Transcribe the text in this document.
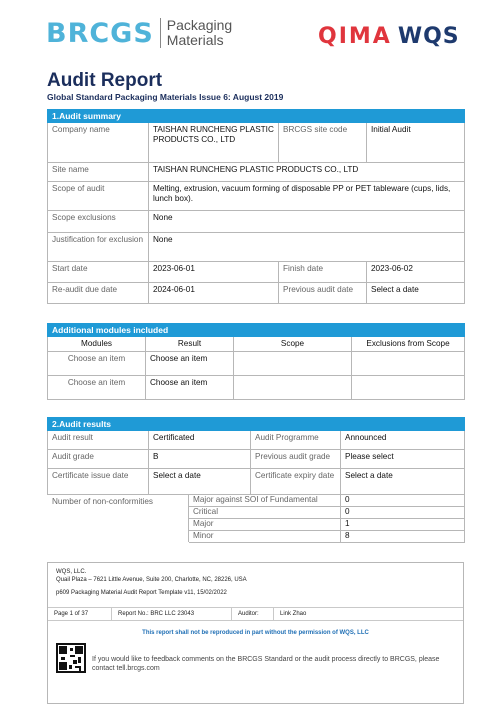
BRCGS Packaging
Materials	QIMA WQS
Audit Report
Global Standard Packaging Materials Issue 6: August 2019
1.Audit summary			
Company name	TAISHAN RUNCHENG PLASTIC PRODUCTS CO., LTD	BRCGS site code	Initial Audit
Site name	TAISHAN RUNCHENG PLASTIC PRODUCTS CO., LTD		
Scope of audit	Melting, extrusion, vacuum forming of disposable PP or PET tableware (cups, lids, lunch box).		
Scope exclusions	None		
Justification for exclusion	None		
Start date	2023-06-01	Finish date	2023-06-02
Re-audit due date	2024-06-01	Previous audit date	Select a date
Additional modules included			
Modules	Result	Scope	Exclusions from Scope
Choose an item	Choose an item		
Choose an item	Choose an item		
2.Audit results				
Audit result	Certificated		Audit Programme	Announced
Audit grade	B		Previous audit grade	Please select
Certificate issue date	Select a date		Certificate expiry date	Select a date
Number of non-conformities		Major against SOI of Fundamental		0
		Critical		0
		Major		1
		Minor		8
WQS, LLC.
Quail Plaza – 7621 Little Avenue, Suite 200, Charlotte, NC, 28226, USA
p609 Packaging Material Audit Report Template v11, 15/02/2022
Page 1 of 37	Report No.: BRC LLC 23043	Auditor:	Link Zhao
This report shall not be reproduced in part without the permission of WQS, LLC
If you would like to feedback comments on the BRCGS Standard or the audit process directly to BRCGS, please contact tell.brcgs.com
